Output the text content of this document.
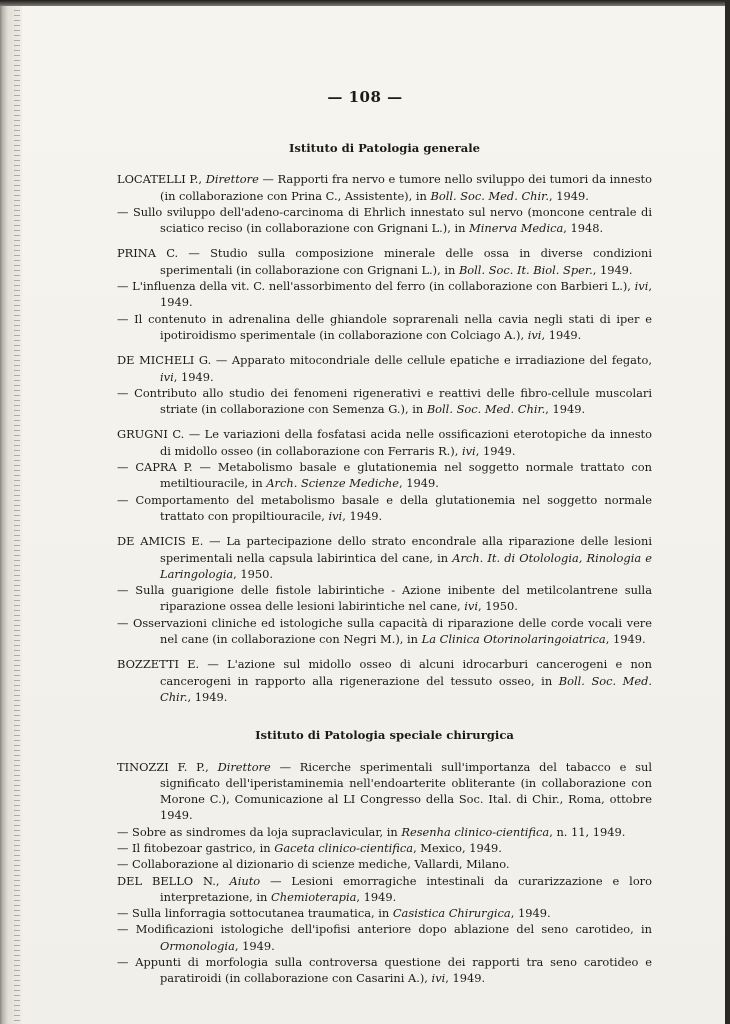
— 108 —
Istituto di Patologia generale

LOCATELLI P., Direttore — Rapporti fra nervo e tumore nello sviluppo dei tumori da innesto (in collaborazione con Prina C., Assistente), in Boll. Soc. Med. Chir., 1949.

— Sullo sviluppo dell'adeno-carcinoma di Ehrlich innestato sul nervo (moncone centrale di sciatico reciso (in collaborazione con Grignani L.), in Minerva Medica, 1948.

PRINA C. — Studio sulla composizione minerale delle ossa in diverse condizioni sperimentali (in collaborazione con Grignani L.), in Boll. Soc. It. Biol. Sper., 1949.

— L'influenza della vit. C. nell'assorbimento del ferro (in collaborazione con Barbieri L.), ivi, 1949.

— Il contenuto in adrenalina delle ghiandole soprarenali nella cavia negli stati di iper e ipotiroidismo sperimentale (in collaborazione con Colciago A.), ivi, 1949.

DE MICHELI G. — Apparato mitocondriale delle cellule epatiche e irradiazione del fegato, ivi, 1949.

— Contributo allo studio dei fenomeni rigenerativi e reattivi delle fibro-cellule muscolari striate (in collaborazione con Semenza G.), in Boll. Soc. Med. Chir., 1949.

GRUGNI C. — Le variazioni della fosfatasi acida nelle ossificazioni eterotopiche da innesto di midollo osseo (in collaborazione con Ferraris R.), ivi, 1949.

— CAPRA P. — Metabolismo basale e glutationemia nel soggetto normale trattato con metiltiouracile, in Arch. Scienze Mediche, 1949.

— Comportamento del metabolismo basale e della glutationemia nel soggetto normale trattato con propiltiouracile, ivi, 1949.

DE AMICIS E. — La partecipazione dello strato encondrale alla riparazione delle lesioni sperimentali nella capsula labirintica del cane, in Arch. It. di Otolologia, Rinologia e Laringologia, 1950.

— Sulla guarigione delle fistole labirintiche - Azione inibente del metilcolantrene sulla riparazione ossea delle lesioni labirintiche nel cane, ivi, 1950.

— Osservazioni cliniche ed istologiche sulla capacità di riparazione delle corde vocali vere nel cane (in collaborazione con Negri M.), in La Clinica Otorinolaringoiatrica, 1949.

BOZZETTI E. — L'azione sul midollo osseo di alcuni idrocarburi cancerogeni e non cancerogeni in rapporto alla rigenerazione del tessuto osseo, in Boll. Soc. Med. Chir., 1949.

Istituto di Patologia speciale chirurgica

TINOZZI F. P., Direttore — Ricerche sperimentali sull'importanza del tabacco e sul significato dell'iperistaminemia nell'endoarterite obliterante (in collaborazione con Morone C.), Comunicazione al LI Congresso della Soc. Ital. di Chir., Roma, ottobre 1949.

— Sobre as sindromes da loja supraclavicular, in Resenha clinico-cientifica, n. 11, 1949.

— Il fitobezoar gastrico, in Gaceta clinico-cientifica, Mexico, 1949.

— Collaborazione al dizionario di scienze mediche, Vallardi, Milano.

DEL BELLO N., Aiuto — Lesioni emorragiche intestinali da curarizzazione e loro interpretazione, in Chemioterapia, 1949.

— Sulla linforragia sottocutanea traumatica, in Casistica Chirurgica, 1949.

— Modificazioni istologiche dell'ipofisi anteriore dopo ablazione del seno carotideo, in Ormonologia, 1949.

— Appunti di morfologia sulla controversa questione dei rapporti tra seno carotideo e paratiroidi (in collaborazione con Casarini A.), ivi, 1949.
